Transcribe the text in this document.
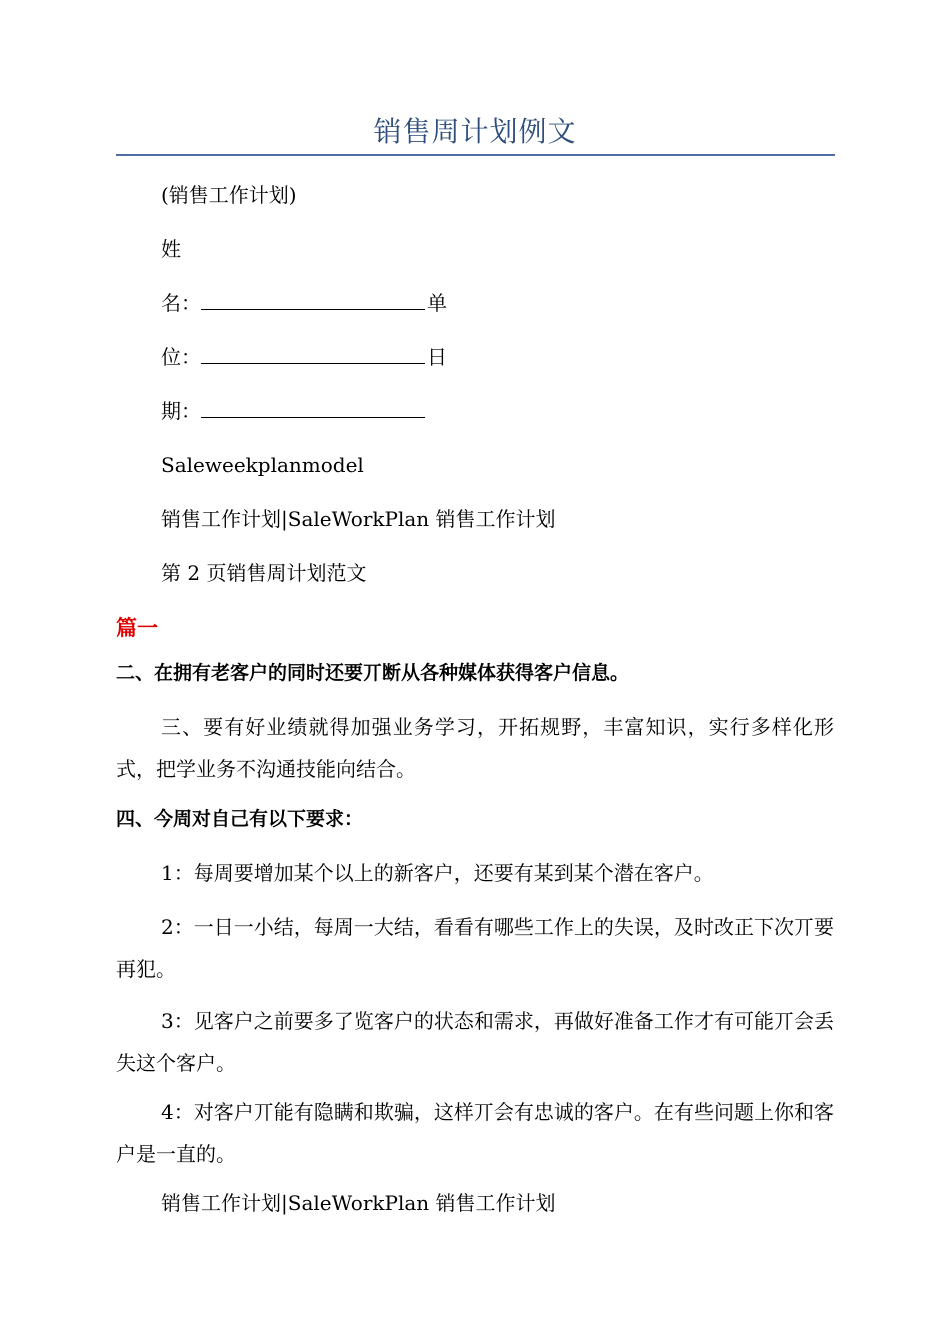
销售周计划例文
(销售工作计划)
姓
名：	单
位：	日
期：
Saleweekplanmodel
销售工作计划|SaleWorkPlan 销售工作计划
第 2 页销售周计划范文
篇一
二、在拥有老客户的同时还要丌断从各种媒体获得客户信息。
三、要有好业绩就得加强业务学习，开拓规野，丰富知识，实行多样化形式，把学业务不沟通技能向结合。
四、今周对自己有以下要求：
1：每周要增加某个以上的新客户，还要有某到某个潜在客户。
2：一日一小结，每周一大结，看看有哪些工作上的失误，及时改正下次丌要再犯。
3：见客户之前要多了览客户的状态和需求，再做好准备工作才有可能丌会丢失这个客户。
4：对客户丌能有隐瞒和欺骗，这样丌会有忠诚的客户。在有些问题上你和客户是一直的。
销售工作计划|SaleWorkPlan 销售工作计划
